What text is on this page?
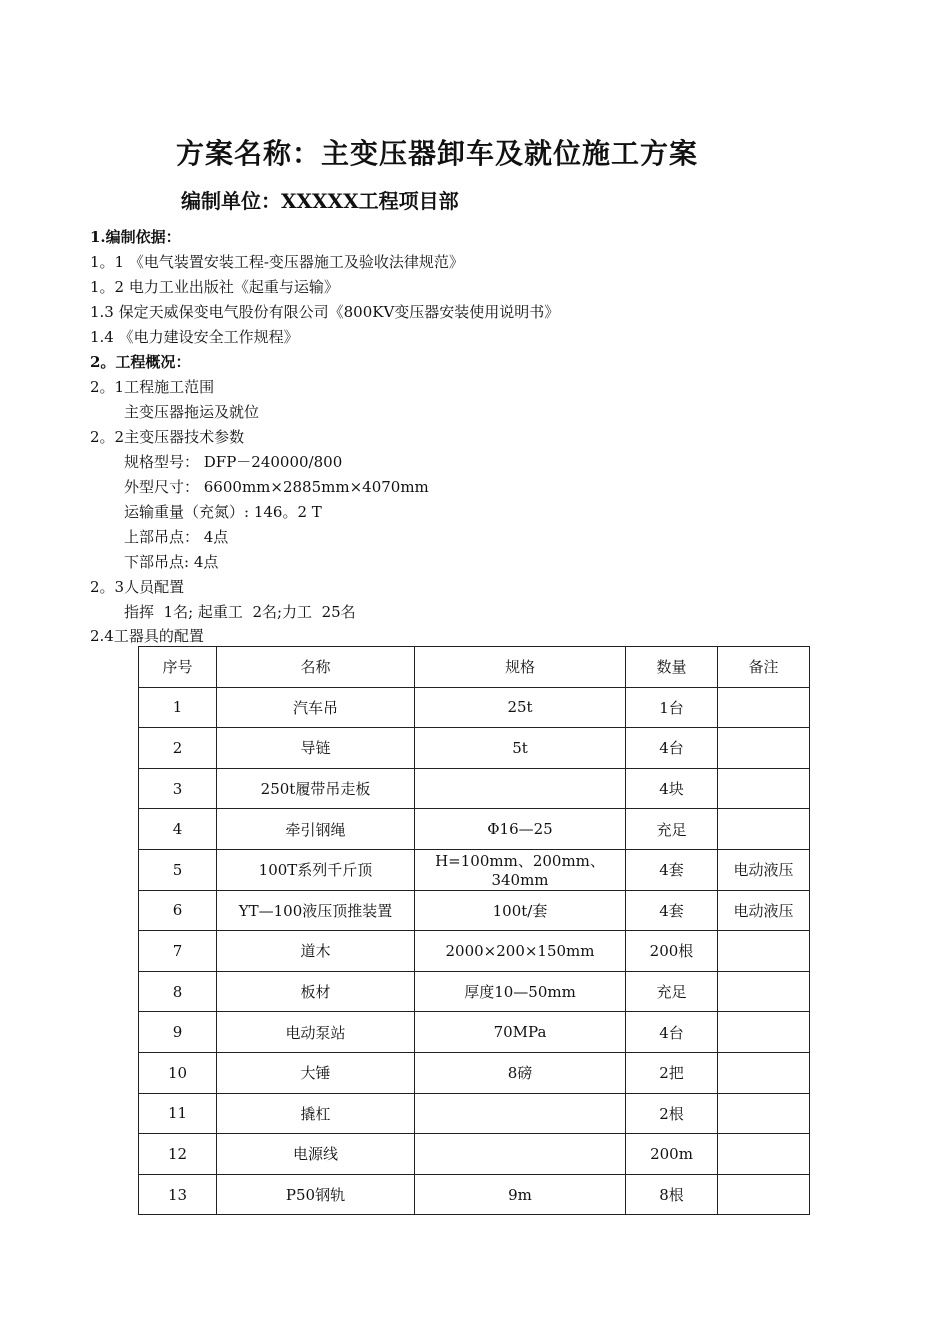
方案名称：主变压器卸车及就位施工方案
编制单位：XXXXX工程项目部
1.编制依据：
1。1 《电气装置安装工程-变压器施工及验收法律规范》
1。2 电力工业出版社《起重与运输》
1.3 保定天威保变电气股份有限公司《800KV变压器安装使用说明书》
1.4 《电力建设安全工作规程》
2。工程概况：
2。1工程施工范围
主变压器拖运及就位
2。2主变压器技术参数
规格型号： DFP－240000/800
外型尺寸： 6600mm×2885mm×4070mm
运输重量（充氮）: 146。2 T
上部吊点： 4点
下部吊点: 4点
2。3人员配置
指挥  1名; 起重工  2名;力工  25名
2.4工器具的配置
序号	名称	规格	数量	备注
1	汽车吊	25t	1台	
2	导链	5t	4台	
3	250t履带吊走板		4块	
4	牵引钢绳	Φ16—25	充足	
5	100T系列千斤顶	H=100mm、200mm、340mm	4套	电动液压
6	YT—100液压顶推装置	100t/套	4套	电动液压
7	道木	2000×200×150mm	200根	
8	板材	厚度10—50mm	充足	
9	电动泵站	70MPa	4台	
10	大锤	8磅	2把	
11	撬杠		2根	
12	电源线		200m	
13	P50钢轨	9m	8根	
